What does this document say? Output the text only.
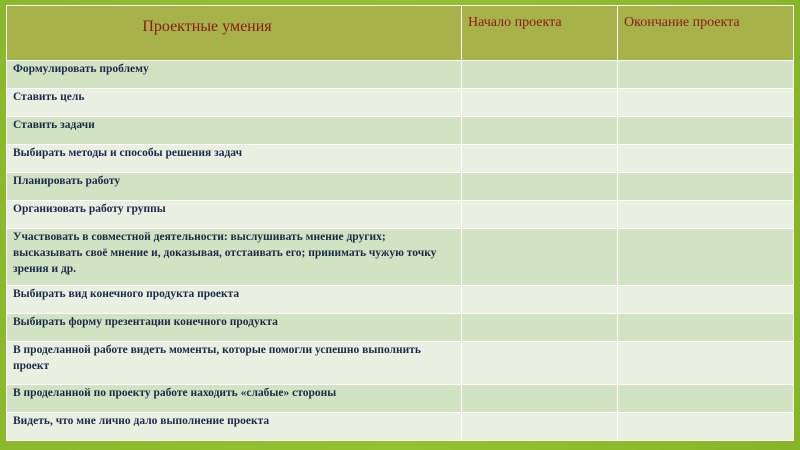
Проектные умения	Начало проекта	Окончание проекта
Формулировать проблему		
Ставить цель		
Ставить задачи		
Выбирать методы и способы решения задач		
Планировать работу		
Организовать работу группы		
Участвовать в совместной деятельности: выслушивать мнение других; высказывать своё мнение и, доказывая, отстаивать его; принимать чужую точку зрения и др.		
Выбирать вид конечного продукта проекта		
Выбирать форму презентации конечного продукта		
В проделанной работе видеть моменты, которые помогли успешно выполнить проект		
В проделанной по проекту работе находить «слабые» стороны		
Видеть, что мне лично дало выполнение проекта		
